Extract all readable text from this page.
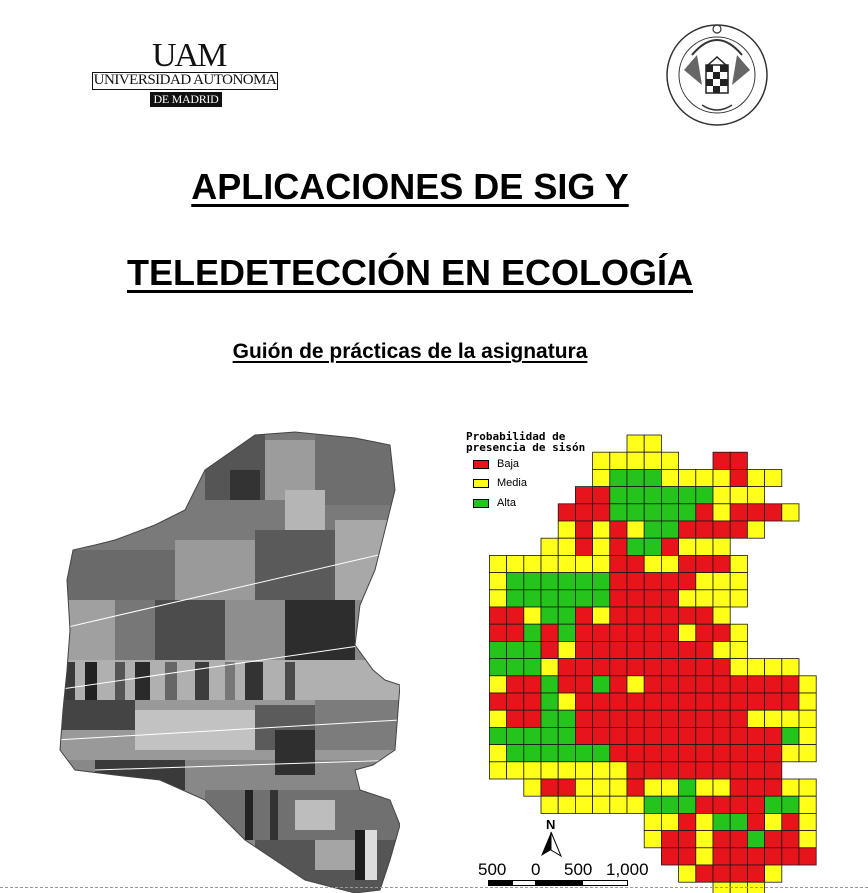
UAM
UNIVERSIDAD AUTONOMA
DE MADRID
APLICACIONES DE SIG Y
TELEDETECCIÓN EN ECOLOGÍA
Guión de prácticas de la asignatura
Probabilidad de
presencia de sisón
Baja
Media
Alta
N
500 0 500 1,000
